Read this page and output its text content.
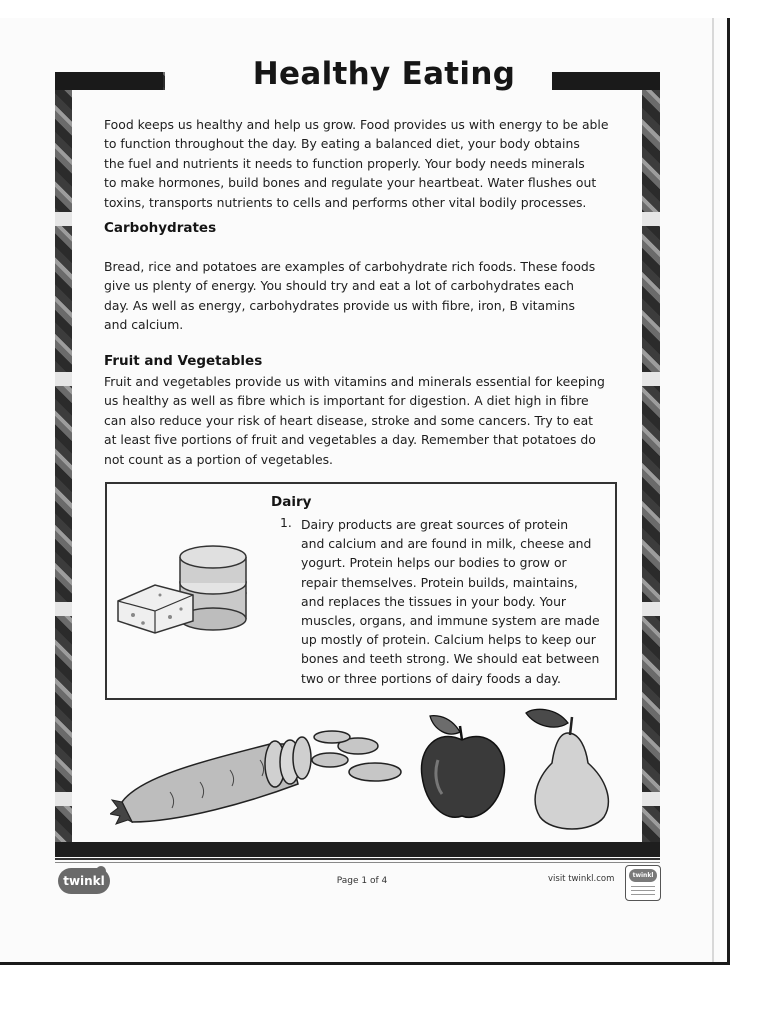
Healthy Eating
Food keeps us healthy and help us grow. Food provides us with energy to be able
to function throughout the day. By eating a balanced diet, your body obtains
the fuel and nutrients it needs to function properly. Your body needs minerals
to make hormones, build bones and regulate your heartbeat. Water flushes out
toxins, transports nutrients to cells and performs other vital bodily processes.
Carbohydrates
Bread, rice and potatoes are examples of carbohydrate rich foods. These foods
give us plenty of energy. You should try and eat a lot of carbohydrates each
day. As well as energy, carbohydrates provide us with fibre, iron, B vitamins
and calcium.
Fruit and Vegetables
Fruit and vegetables provide us with vitamins and minerals essential for keeping
us healthy as well as fibre which is important for digestion. A diet high in fibre
can also reduce your risk of heart disease, stroke and some cancers. Try to eat
at least five portions of fruit and vegetables a day. Remember that potatoes do
not count as a portion of vegetables.
Dairy
1. Dairy products are great sources of protein
and calcium and are found in milk, cheese and
yogurt. Protein helps our bodies to grow or
repair themselves. Protein builds, maintains,
and replaces the tissues in your body. Your
muscles, organs, and immune system are made
up mostly of protein. Calcium helps to keep our
bones and teeth strong. We should eat between
two or three portions of dairy foods a day.
twinkl	Page 1 of 4	visit twinkl.com	twinkl
